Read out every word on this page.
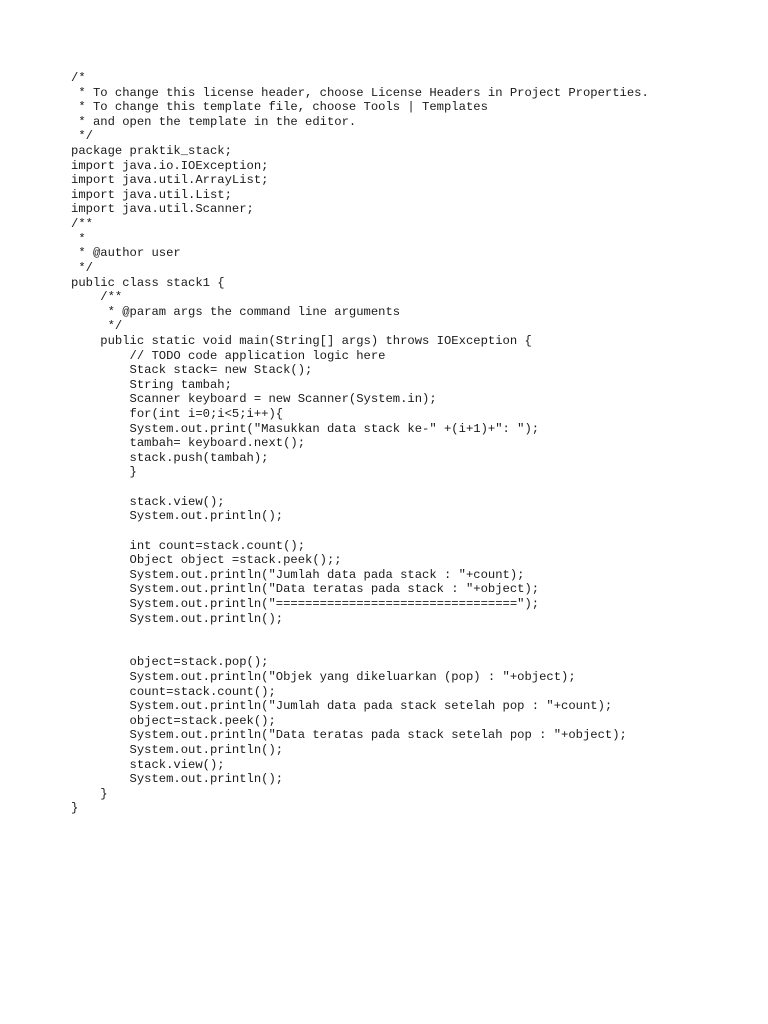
/*
* To change this license header, choose License Headers in Project Properties.
* To change this template file, choose Tools | Templates
* and open the template in the editor.
*/
package praktik_stack;
import java.io.IOException;
import java.util.ArrayList;
import java.util.List;
import java.util.Scanner;
/**
*
* @author user
*/
public class stack1 {
/**
* @param args the command line arguments
*/
public static void main(String[] args) throws IOException {
// TODO code application logic here
Stack stack= new Stack();
String tambah;
Scanner keyboard = new Scanner(System.in);
for(int i=0;i<5;i++){
System.out.print("Masukkan data stack ke-" +(i+1)+": ");
tambah= keyboard.next();
stack.push(tambah);
}
stack.view();
System.out.println();
int count=stack.count();
Object object =stack.peek();;
System.out.println("Jumlah data pada stack : "+count);
System.out.println("Data teratas pada stack : "+object);
System.out.println("=================================");
System.out.println();
object=stack.pop();
System.out.println("Objek yang dikeluarkan (pop) : "+object);
count=stack.count();
System.out.println("Jumlah data pada stack setelah pop : "+count);
object=stack.peek();
System.out.println("Data teratas pada stack setelah pop : "+object);
System.out.println();
stack.view();
System.out.println();
}
}
